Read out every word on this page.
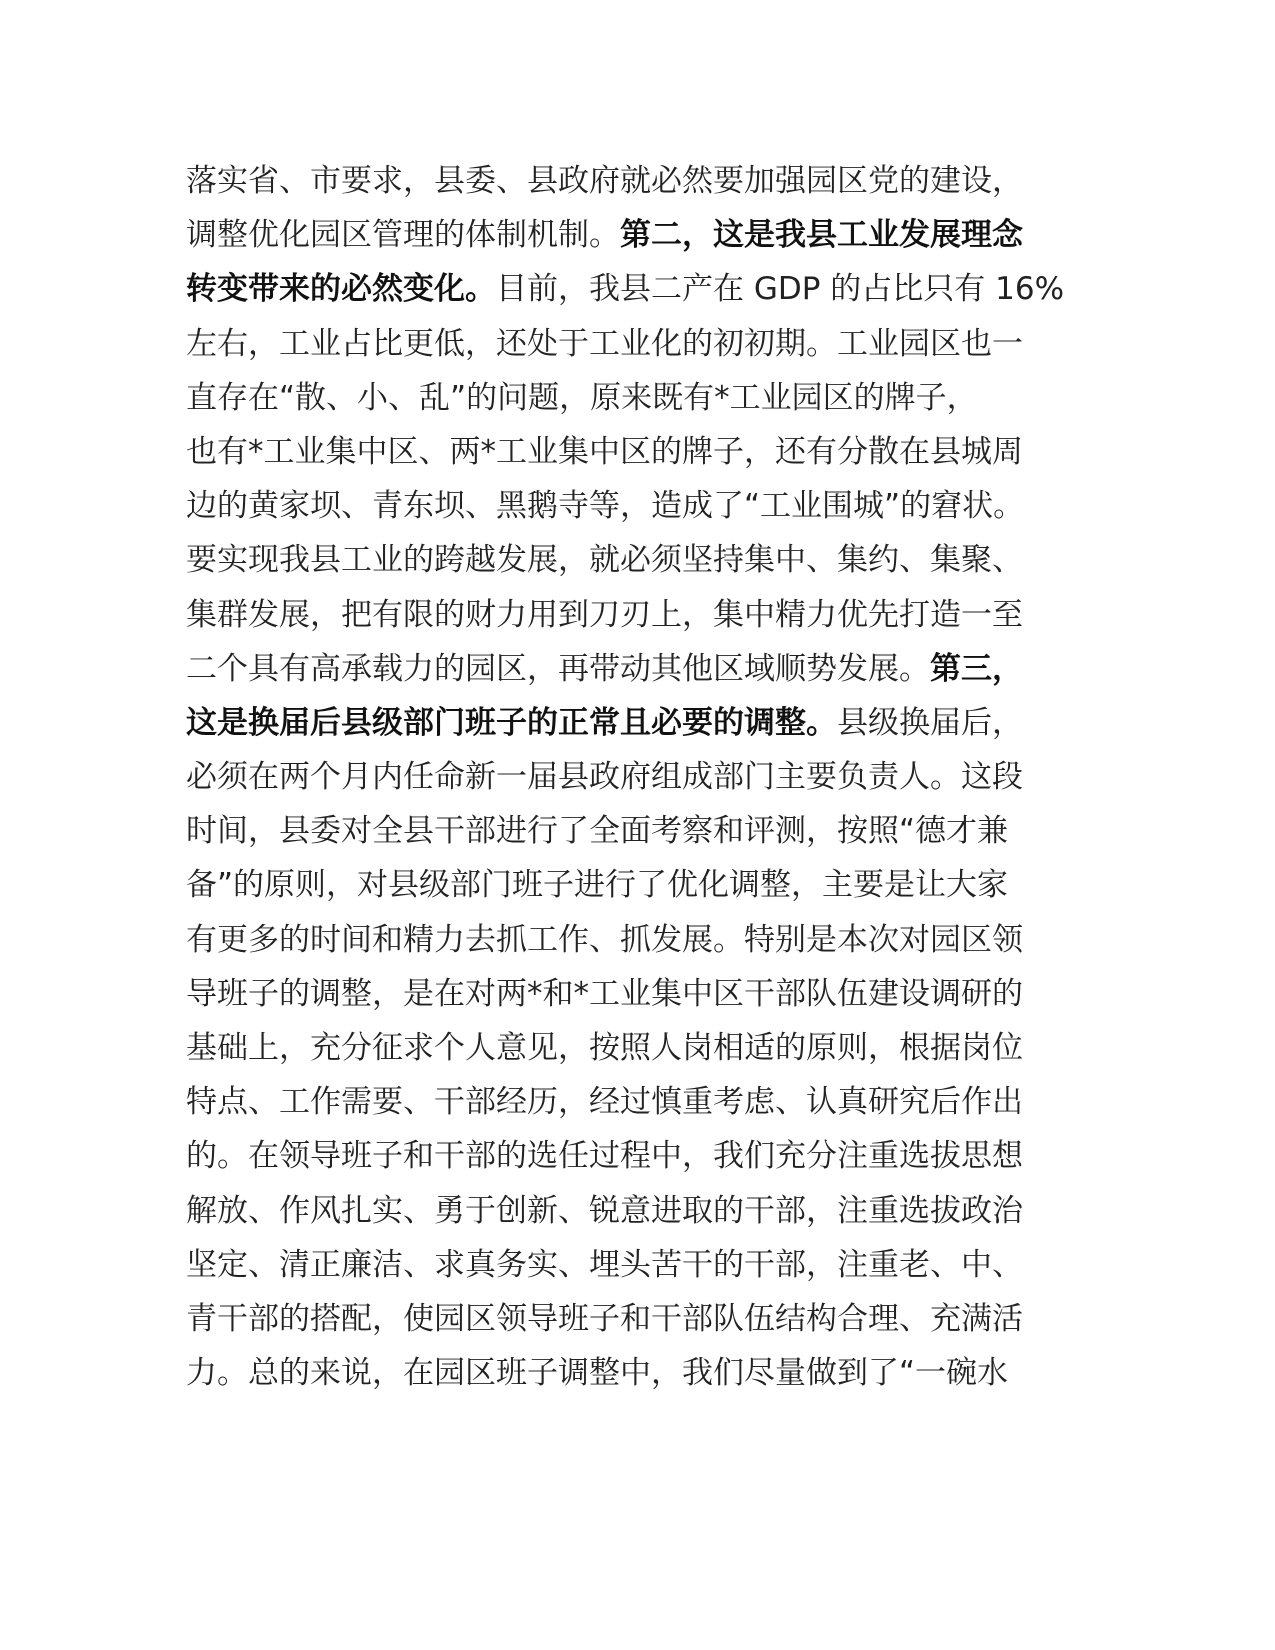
落实省、市要求，县委、县政府就必然要加强园区党的建设，
调整优化园区管理的体制机制。第二，这是我县工业发展理念
转变带来的必然变化。目前，我县二产在 GDP 的占比只有 16%
左右，工业占比更低，还处于工业化的初初期。工业园区也一
直存在“散、小、乱”的问题，原来既有*工业园区的牌子，
也有*工业集中区、两*工业集中区的牌子，还有分散在县城周
边的黄家坝、青东坝、黑鹅寺等，造成了“工业围城”的窘状。
要实现我县工业的跨越发展，就必须坚持集中、集约、集聚、
集群发展，把有限的财力用到刀刃上，集中精力优先打造一至
二个具有高承载力的园区，再带动其他区域顺势发展。第三，
这是换届后县级部门班子的正常且必要的调整。县级换届后，
必须在两个月内任命新一届县政府组成部门主要负责人。这段
时间，县委对全县干部进行了全面考察和评测，按照“德才兼
备”的原则，对县级部门班子进行了优化调整，主要是让大家
有更多的时间和精力去抓工作、抓发展。特别是本次对园区领
导班子的调整，是在对两*和*工业集中区干部队伍建设调研的
基础上，充分征求个人意见，按照人岗相适的原则，根据岗位
特点、工作需要、干部经历，经过慎重考虑、认真研究后作出
的。在领导班子和干部的选任过程中，我们充分注重选拔思想
解放、作风扎实、勇于创新、锐意进取的干部，注重选拔政治
坚定、清正廉洁、求真务实、埋头苦干的干部，注重老、中、
青干部的搭配，使园区领导班子和干部队伍结构合理、充满活
力。总的来说，在园区班子调整中，我们尽量做到了“一碗水
